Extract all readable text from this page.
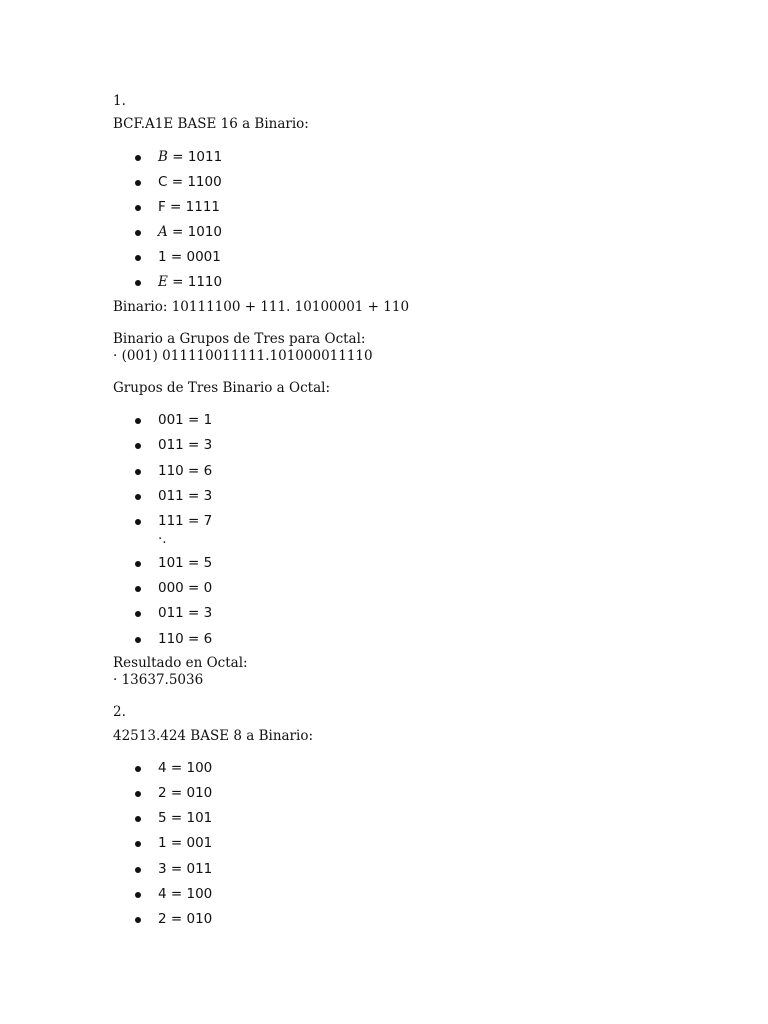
1.
BCF.A1E BASE 16 a Binario:
B = 1011
C = 1100
F = 1111
A = 1010
1 = 0001
E = 1110
Binario: 10111100 + 111. 10100001 + 110
Binario a Grupos de Tres para Octal:
· (001) 011110011111.101000011110
Grupos de Tres Binario a Octal:
001 = 1
011 = 3
110 = 6
011 = 3
111 = 7
·.
101 = 5
000 = 0
011 = 3
110 = 6
Resultado en Octal:
· 13637.5036
2.
42513.424 BASE 8 a Binario:
4 = 100
2 = 010
5 = 101
1 = 001
3 = 011
4 = 100
2 = 010
